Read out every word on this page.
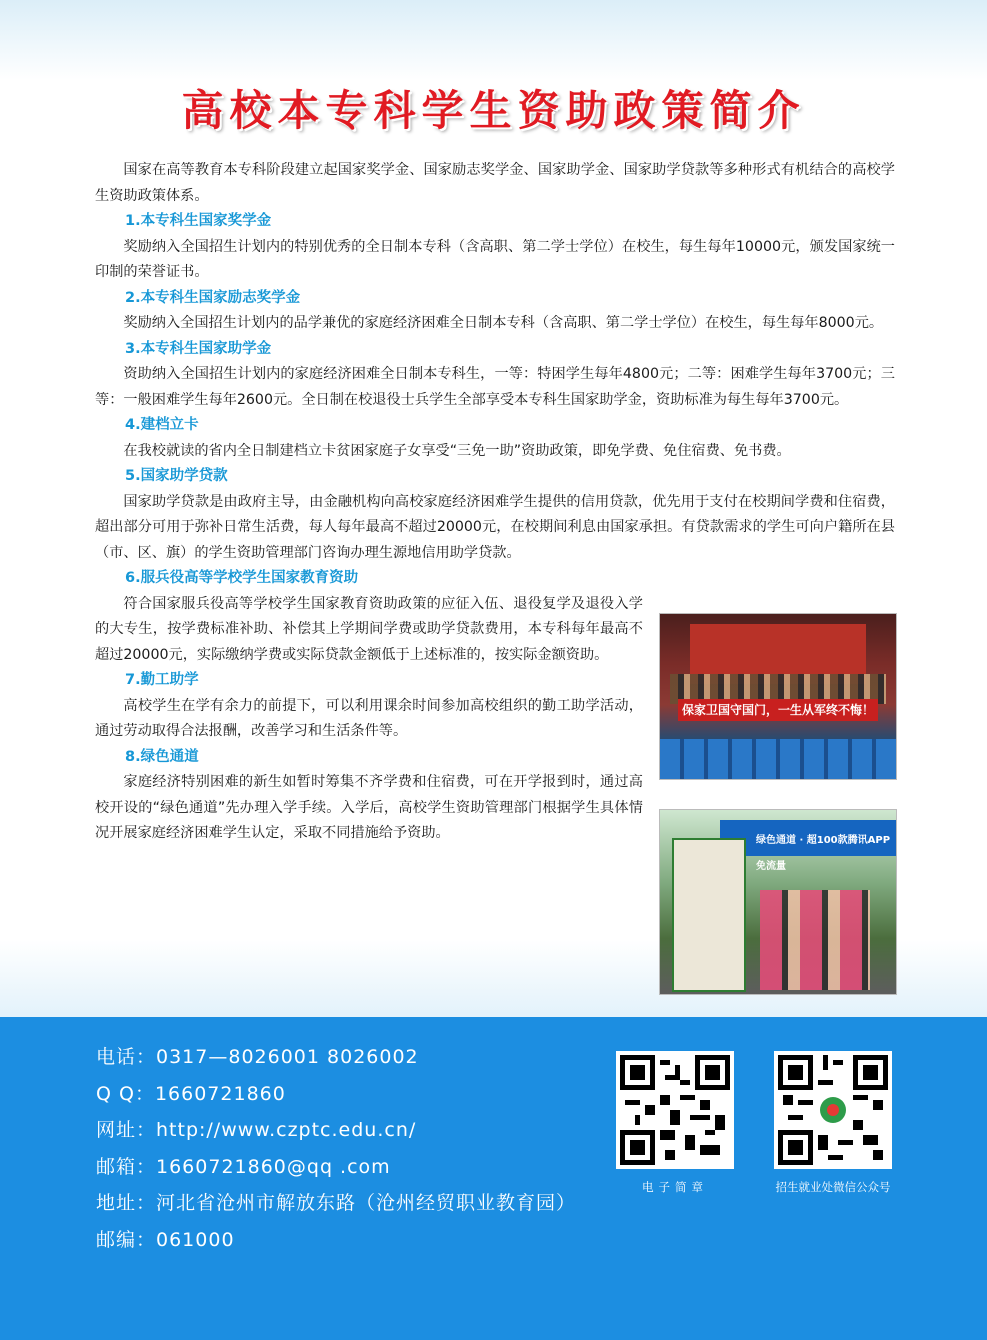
高校本专科学生资助政策简介

国家在高等教育本专科阶段建立起国家奖学金、国家励志奖学金、国家助学金、国家助学贷款等多种形式有机结合的高校学生资助政策体系。

1.本专科生国家奖学金

奖励纳入全国招生计划内的特别优秀的全日制本专科（含高职、第二学士学位）在校生，每生每年10000元，颁发国家统一印制的荣誉证书。

2.本专科生国家励志奖学金

奖励纳入全国招生计划内的品学兼优的家庭经济困难全日制本专科（含高职、第二学士学位）在校生，每生每年8000元。

3.本专科生国家助学金

资助纳入全国招生计划内的家庭经济困难全日制本专科生，一等：特困学生每年4800元；二等：困难学生每年3700元；三等：一般困难学生每年2600元。全日制在校退役士兵学生全部享受本专科生国家助学金，资助标准为每生每年3700元。

4.建档立卡

在我校就读的省内全日制建档立卡贫困家庭子女享受“三免一助”资助政策，即免学费、免住宿费、免书费。

5.国家助学贷款

国家助学贷款是由政府主导，由金融机构向高校家庭经济困难学生提供的信用贷款，优先用于支付在校期间学费和住宿费，超出部分可用于弥补日常生活费，每人每年最高不超过20000元，在校期间利息由国家承担。有贷款需求的学生可向户籍所在县（市、区、旗）的学生资助管理部门咨询办理生源地信用助学贷款。

保家卫国守国门，一生从军终不悔！
绿色通道 · 超100款腾讯APP免流量
6.服兵役高等学校学生国家教育资助

符合国家服兵役高等学校学生国家教育资助政策的应征入伍、退役复学及退役入学的大专生，按学费标准补助、补偿其上学期间学费或助学贷款费用，本专科每年最高不超过20000元，实际缴纳学费或实际贷款金额低于上述标准的，按实际金额资助。

7.勤工助学

高校学生在学有余力的前提下，可以利用课余时间参加高校组织的勤工助学活动，通过劳动取得合法报酬，改善学习和生活条件等。

8.绿色通道

家庭经济特别困难的新生如暂时筹集不齐学费和住宿费，可在开学报到时，通过高校开设的“绿色通道”先办理入学手续。入学后，高校学生资助管理部门根据学生具体情况开展家庭经济困难学生认定，采取不同措施给予资助。

电话：0317—8026001 8026002
Q Q：1660721860
网址：http://www.czptc.edu.cn/
邮箱：1660721860@qq .com
地址：河北省沧州市解放东路（沧州经贸职业教育园）
邮编：061000
电子简章	招生就业处微信公众号
